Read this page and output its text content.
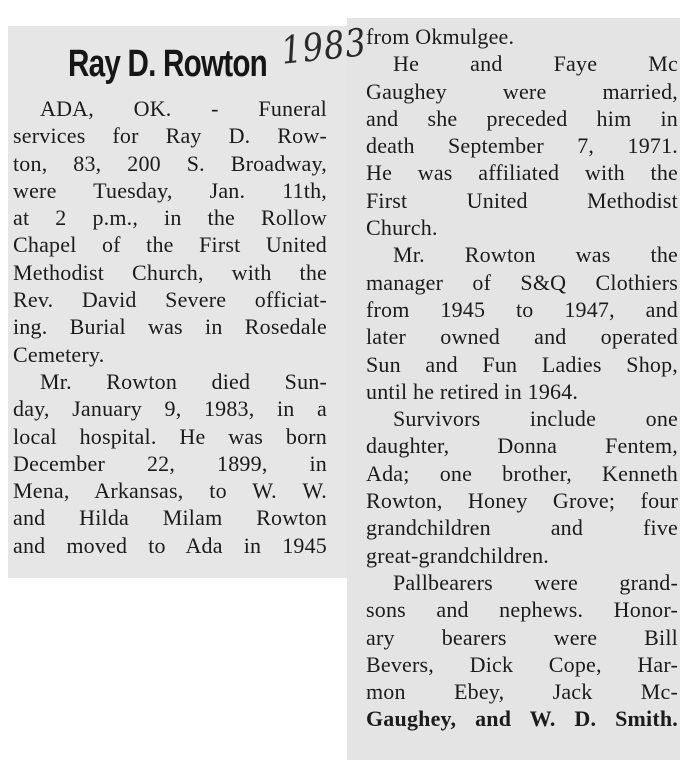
Ray D. Rowton 1983
ADA, OK. - Funeral
services for Ray D. Row-
ton, 83, 200 S. Broadway,
were Tuesday, Jan. 11th,
at 2 p.m., in the Rollow
Chapel of the First United
Methodist Church, with the
Rev. David Severe officiat-
ing. Burial was in Rosedale
Cemetery.
Mr. Rowton died Sun-
day, January 9, 1983, in a
local hospital. He was born
December 22, 1899, in
Mena, Arkansas, to W. W.
and Hilda Milam Rowton
and moved to Ada in 1945
from Okmulgee.
He and Faye Mc
Gaughey were married,
and she preceded him in
death September 7, 1971.
He was affiliated with the
First United Methodist
Church.
Mr. Rowton was the
manager of S&Q Clothiers
from 1945 to 1947, and
later owned and operated
Sun and Fun Ladies Shop,
until he retired in 1964.
Survivors include one
daughter, Donna Fentem,
Ada; one brother, Kenneth
Rowton, Honey Grove; four
grandchildren and five
great-grandchildren.
Pallbearers were grand-
sons and nephews. Honor-
ary bearers were Bill
Bevers, Dick Cope, Har-
mon Ebey, Jack Mc-
Gaughey, and W. D. Smith.
